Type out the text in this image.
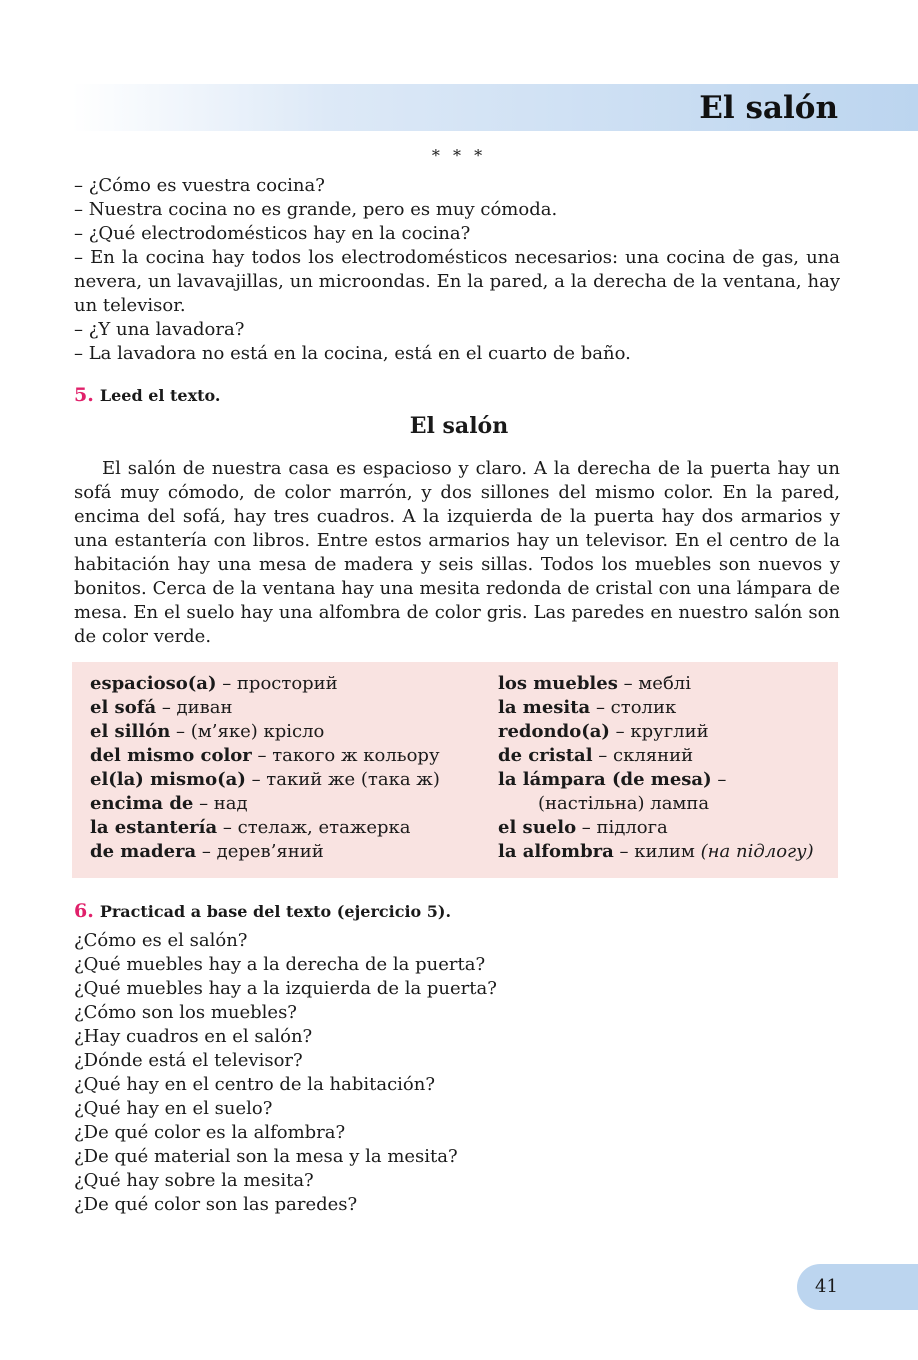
El salón
* * *
– ¿Cómo es vuestra cocina?
– Nuestra cocina no es grande, pero es muy cómoda.
– ¿Qué electrodomésticos hay en la cocina?
– En la cocina hay todos los electrodomésticos necesarios: una cocina de gas, una nevera, un lavavajillas, un microondas. En la pared, a la derecha de la ventana, hay un televisor.
– ¿Y una lavadora?
– La lavadora no está en la cocina, está en el cuarto de baño.
5. Leed el texto.
El salón

El salón de nuestra casa es espacioso y claro. A la derecha de la puerta hay un sofá muy cómodo, de color marrón, y dos sillones del mismo color. En la pared, encima del sofá, hay tres cuadros. A la izquierda de la puerta hay dos armarios y una estantería con libros. Entre estos armarios hay un televisor. En el centro de la habitación hay una mesa de madera y seis sillas. Todos los muebles son nuevos y bonitos. Cerca de la ventana hay una mesita redonda de cristal con una lámpara de mesa. En el suelo hay una alfombra de color gris. Las paredes en nuestro salón son de color verde.

espacioso(a) – просторий
el sofá – диван
el sillón – (м’яке) крісло
del mismo color – такого ж кольору
el(la) mismo(a) – такий же (така ж)
encima de – над
la estantería – стелаж, етажерка
de madera – дерев’яний
los muebles – меблі
la mesita – столик
redondo(a) – круглий
de cristal – скляний
la lámpara (de mesa) –
(настільна) лампа
el suelo – підлога
la alfombra – килим (на підлогу)
6. Practicad a base del texto (ejercicio 5).
¿Cómo es el salón?
¿Qué muebles hay a la derecha de la puerta?
¿Qué muebles hay a la izquierda de la puerta?
¿Cómo son los muebles?
¿Hay cuadros en el salón?
¿Dónde está el televisor?
¿Qué hay en el centro de la habitación?
¿Qué hay en el suelo?
¿De qué color es la alfombra?
¿De qué material son la mesa y la mesita?
¿Qué hay sobre la mesita?
¿De qué color son las paredes?
41
